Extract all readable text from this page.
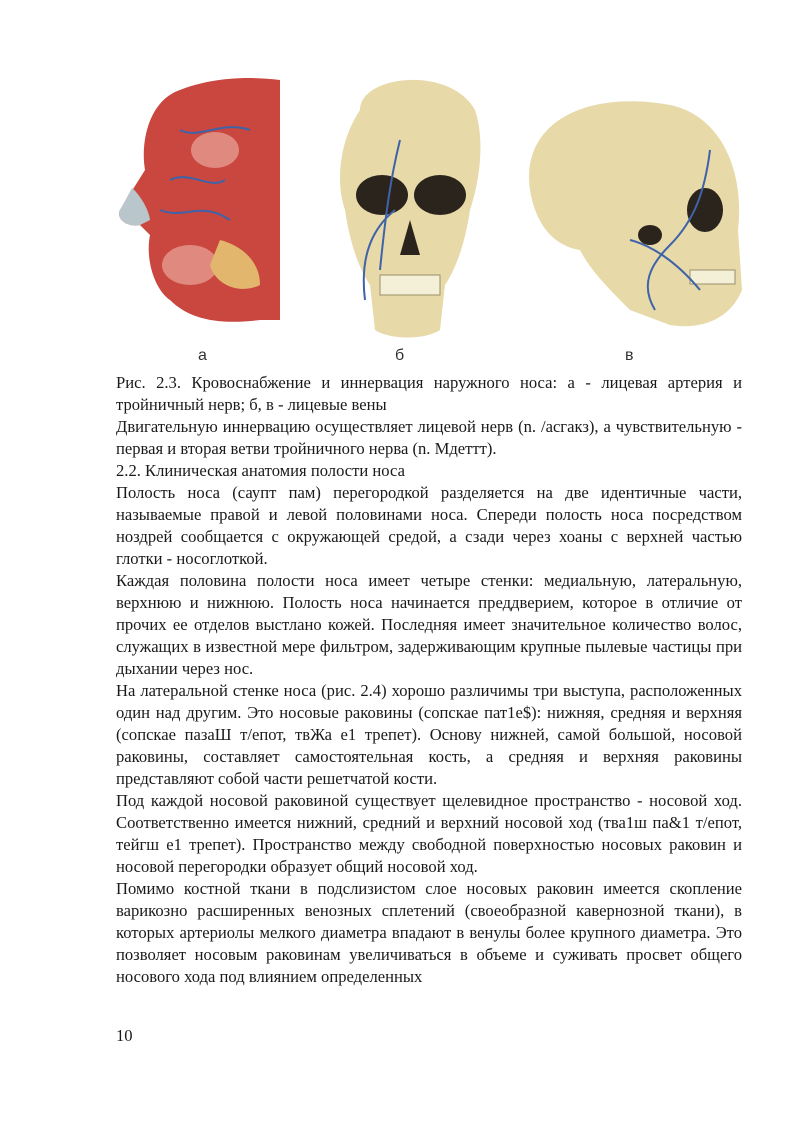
а	б	в

Рис. 2.3. Кровоснабжение и иннервация наружного носа: а - лицевая артерия и тройничный нерв; б, в - лицевые вены

Двигательную иннервацию осуществляет лицевой нерв (n. /асгакз), а чувствительную - первая и вторая ветви тройничного нерва (n. Мдеттт).

2.2. Клиническая анатомия полости носа

Полость носа (саупт пам) перегородкой разделяется на две идентичные части, называемые правой и левой половинами носа. Спереди полость носа посредством ноздрей сообщается с окружающей средой, а сзади через хоаны с верхней частью глотки - носоглоткой.

Каждая половина полости носа имеет четыре стенки: медиальную, латеральную, верхнюю и нижнюю. Полость носа начинается преддверием, которое в отличие от прочих ее отделов выстлано кожей. Последняя имеет значительное количество волос, служащих в известной мере фильтром, задерживающим крупные пылевые частицы при дыхании через нос.

На латеральной стенке носа (рис. 2.4) хорошо различимы три выступа, расположенных один над другим. Это носовые раковины (сопскае пат1е$): нижняя, средняя и верхняя (сопскае пазаШ т/епот, твЖа е1 трепет). Основу нижней, самой большой, носовой раковины, составляет самостоятельная кость, а средняя и верхняя раковины представляют собой части решетчатой кости.

Под каждой носовой раковиной существует щелевидное пространство - носовой ход. Соответственно имеется нижний, средний и верхний носовой ход (тва1ш па&1 т/епот, тейгш е1 трепет). Пространство между свободной поверхностью носовых раковин и носовой перегородки образует общий носовой ход.

Помимо костной ткани в подслизистом слое носовых раковин имеется скопление варикозно расширенных венозных сплетений (своеобразной кавернозной ткани), в которых артериолы мелкого диаметра впадают в венулы более крупного диаметра. Это позволяет носовым раковинам увеличиваться в объеме и суживать просвет общего носового хода под влиянием определенных

10
